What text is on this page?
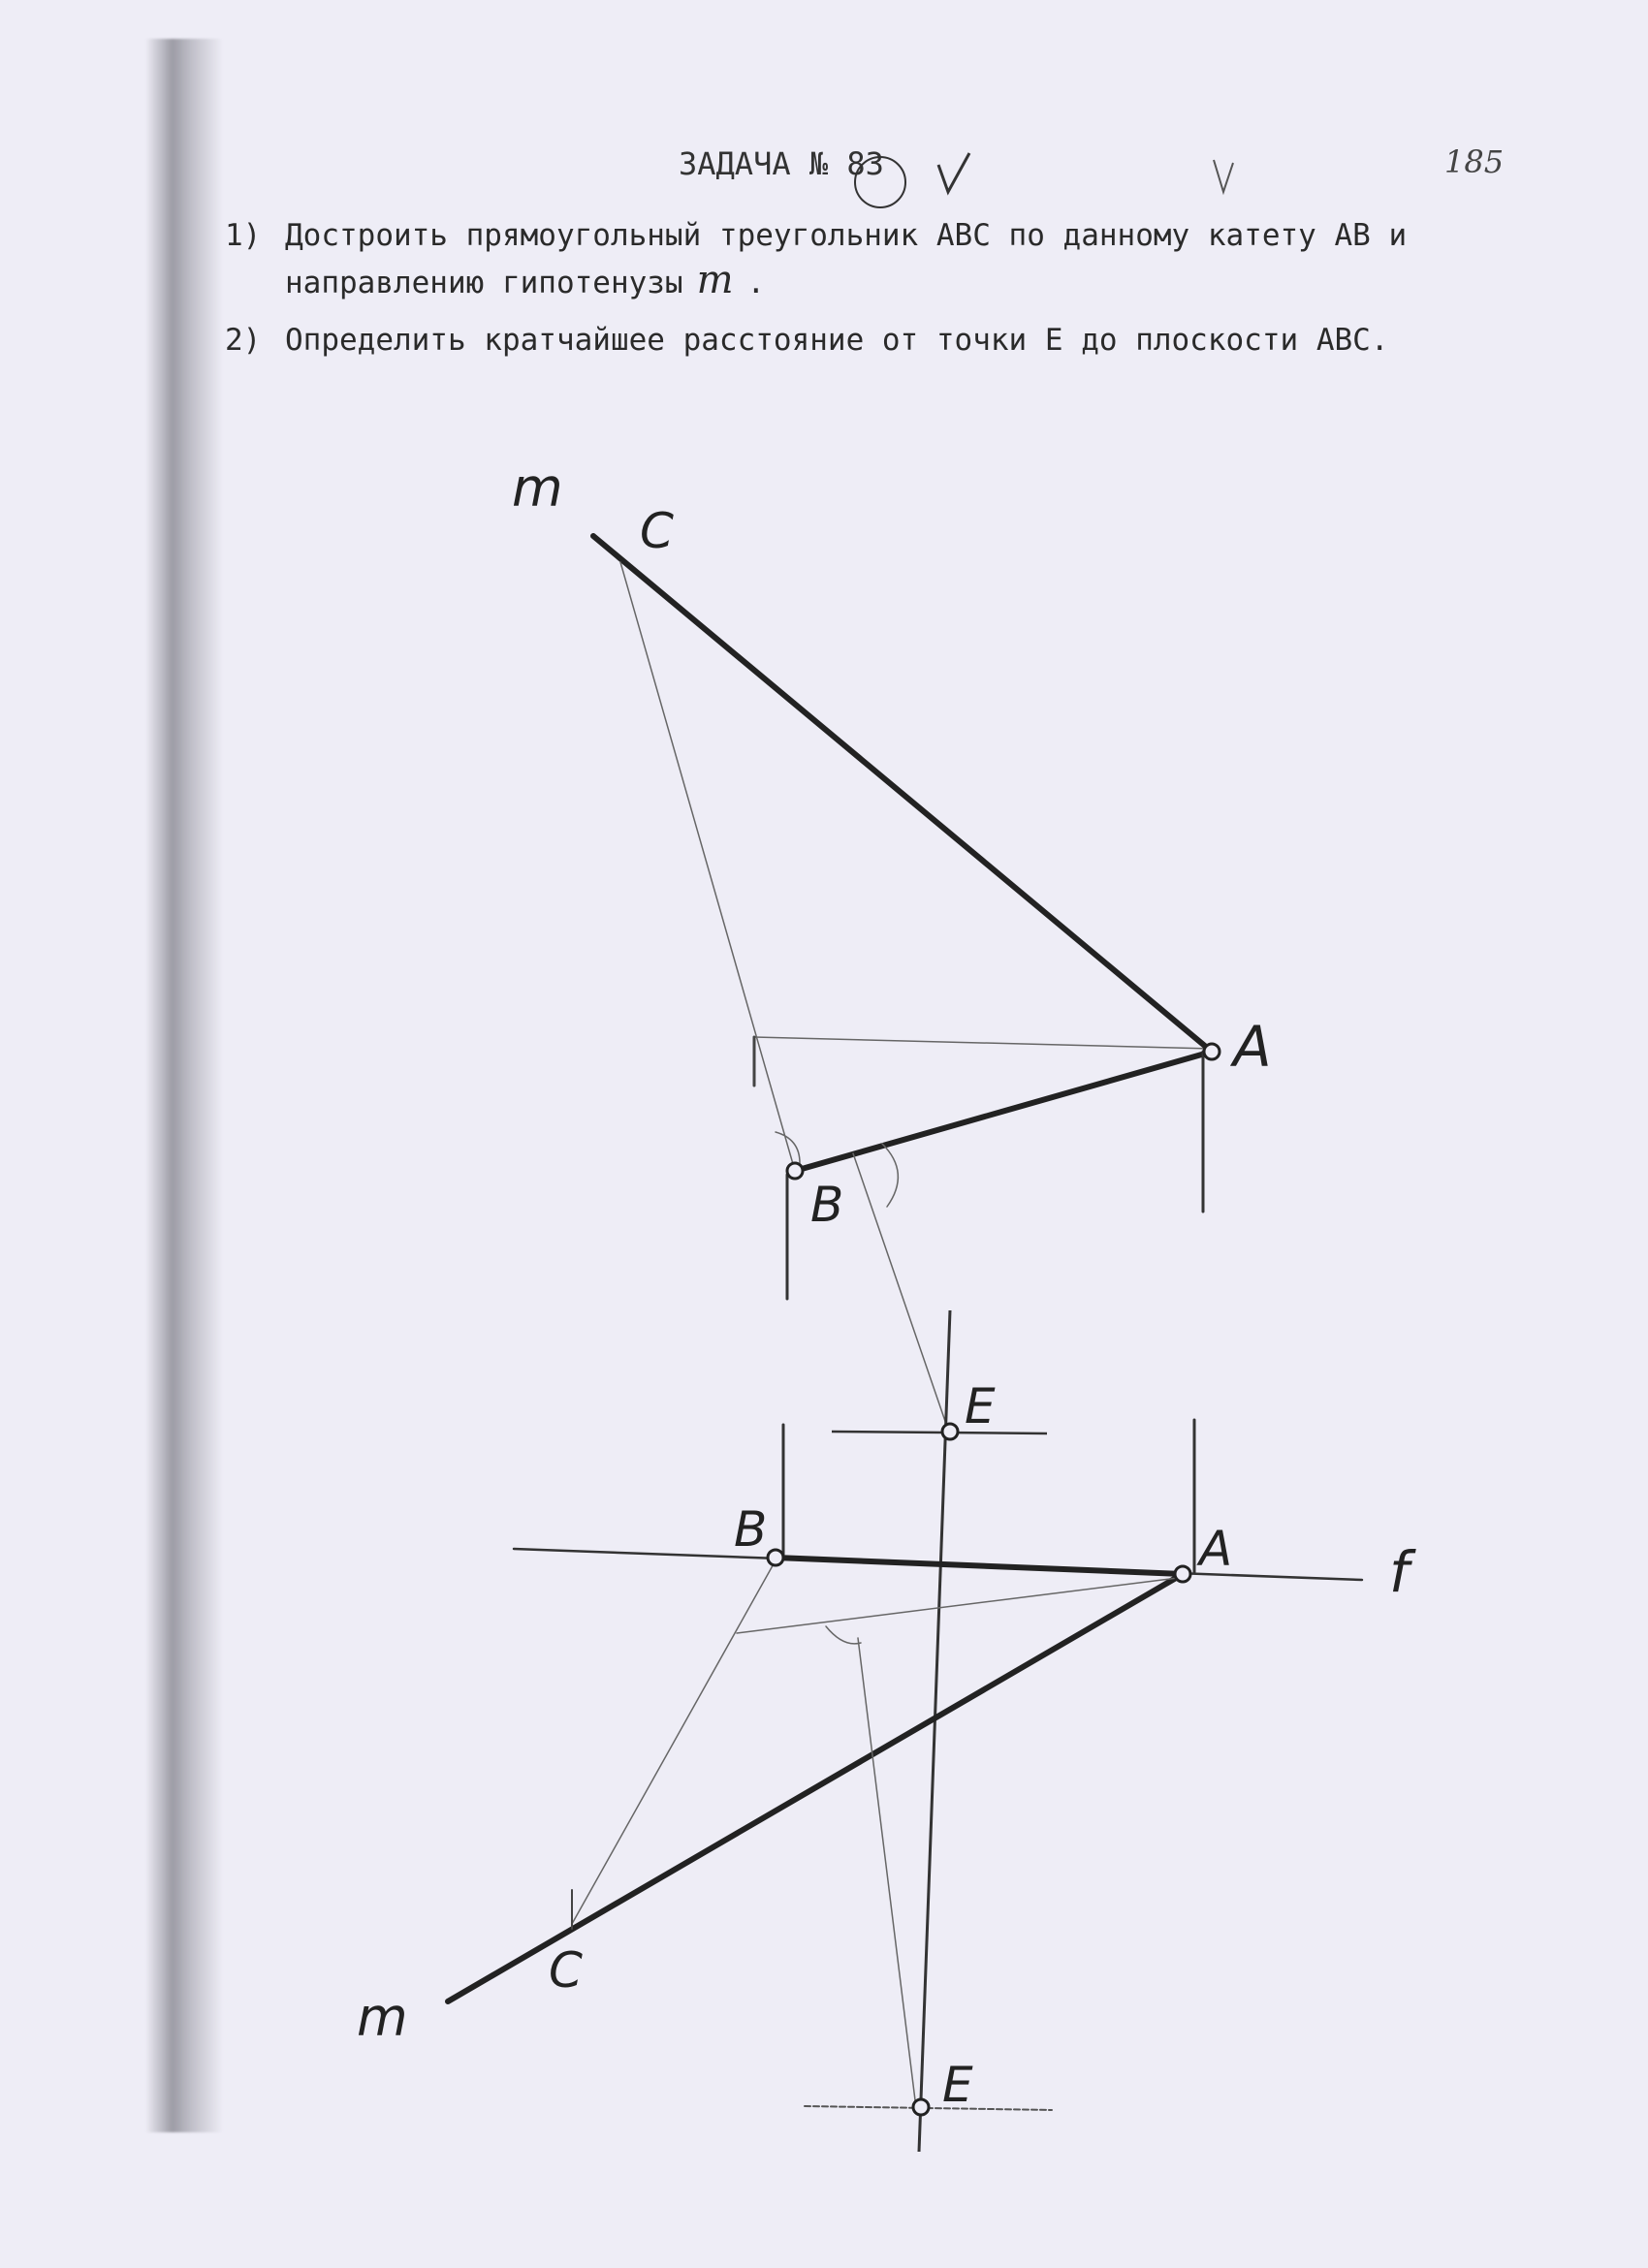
ЗАДАЧА № 83	185
1) Достроить прямоугольный треугольник ABC по данному катету AB и
направлению гипотенузы m .
2) Определить кратчайшее расстояние от точки E до плоскости ABC.
m
C
A
B
E
B	A	f
m
C
E
